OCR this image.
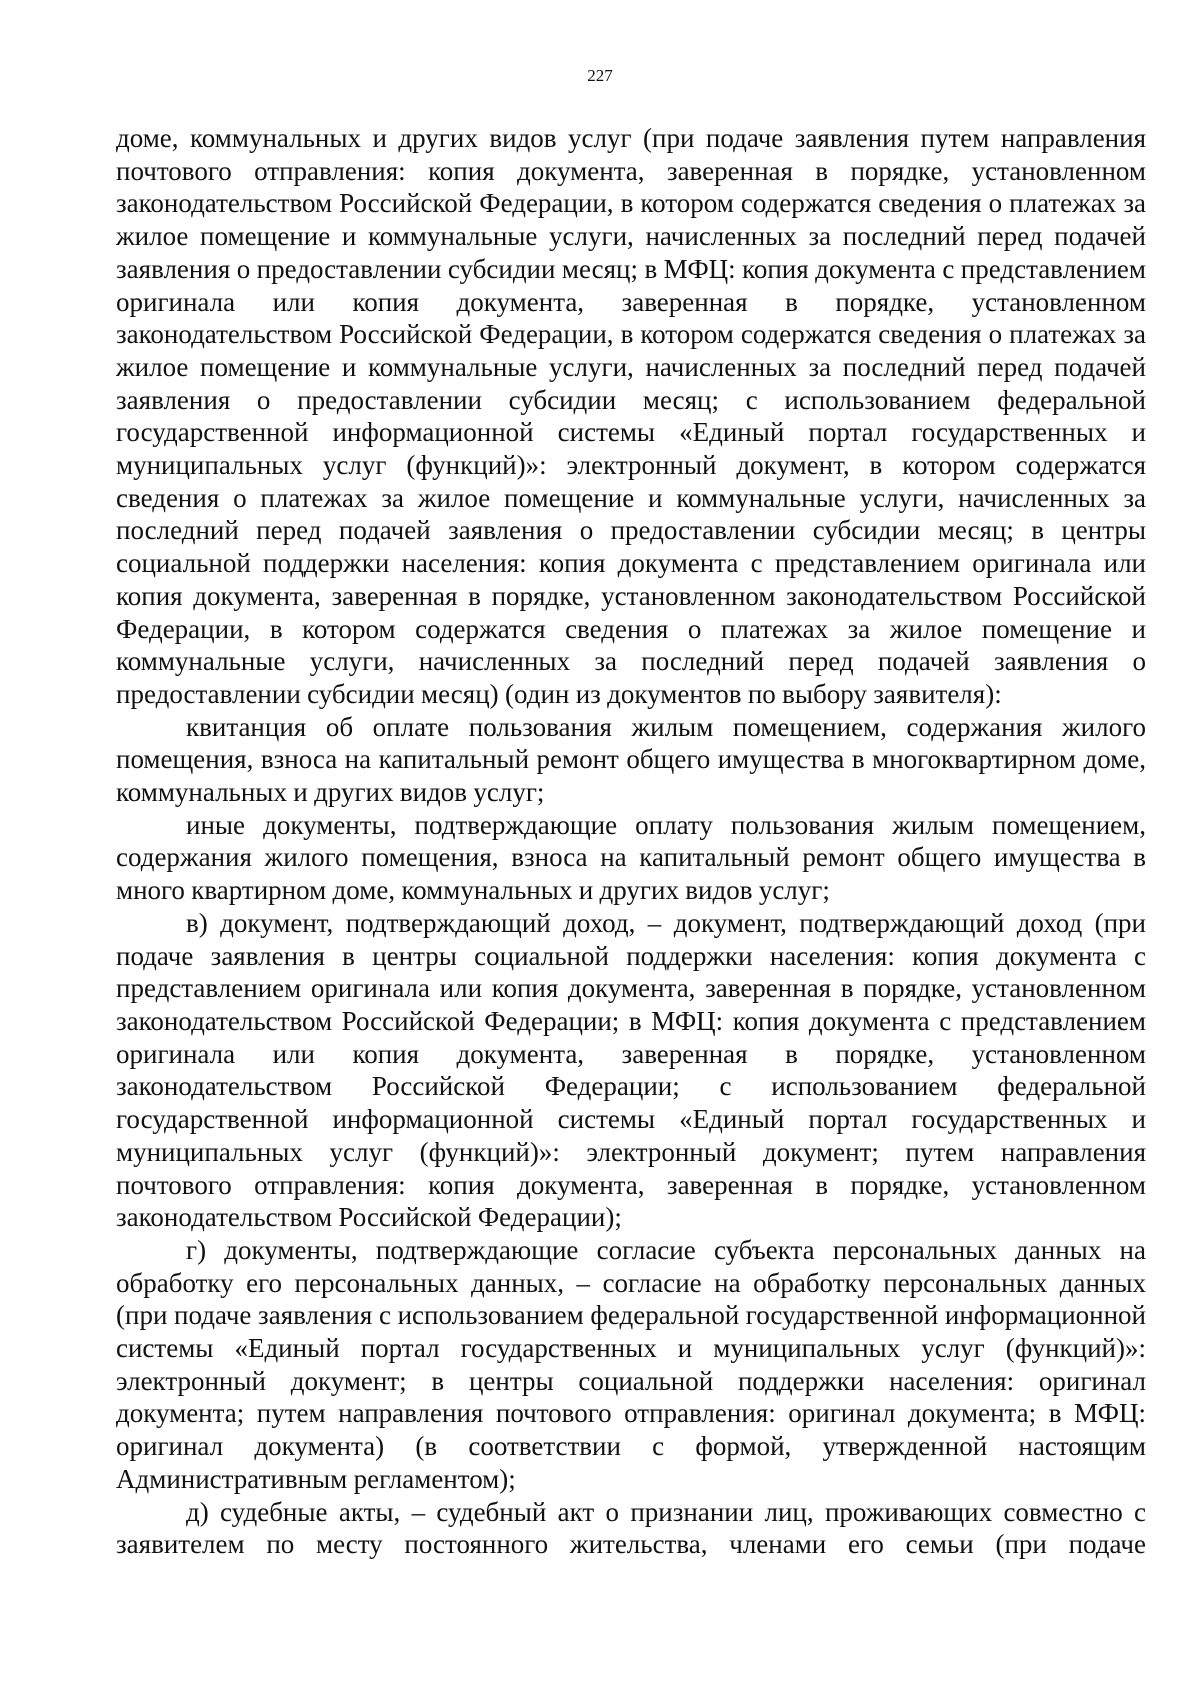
227

доме, коммунальных и других видов услуг (при подаче заявления путем направления почтового отправления: копия документа, заверенная в порядке, установленном законодательством Российской Федерации, в котором содержатся сведения о платежах за жилое помещение и коммунальные услуги, начисленных за последний перед подачей заявления о предоставлении субсидии месяц; в МФЦ: копия документа с представлением оригинала или копия документа, заверенная в порядке, установленном законодательством Российской Федерации, в котором содержатся сведения о платежах за жилое помещение и коммунальные услуги, начисленных за последний перед подачей заявления о предоставлении субсидии месяц; с использованием федеральной государственной информационной системы «Единый портал государственных и муниципальных услуг (функций)»: электронный документ, в котором содержатся сведения о платежах за жилое помещение и коммунальные услуги, начисленных за последний перед подачей заявления о предоставлении субсидии месяц; в центры социальной поддержки населения: копия документа с представлением оригинала или копия документа, заверенная в порядке, установленном законодательством Российской Федерации, в котором содержатся сведения о платежах за жилое помещение и коммунальные услуги, начисленных за последний перед подачей заявления о предоставлении субсидии месяц) (один из документов по выбору заявителя):

квитанция об оплате пользования жилым помещением, содержания жилого помещения, взноса на капитальный ремонт общего имущества в многоквартирном доме, коммунальных и других видов услуг;

иные документы, подтверждающие оплату пользования жилым помещением, содержания жилого помещения, взноса на капитальный ремонт общего имущества в много квартирном доме, коммунальных и других видов услуг;

в) документ, подтверждающий доход, – документ, подтверждающий доход (при подаче заявления в центры социальной поддержки населения: копия документа с представлением оригинала или копия документа, заверенная в порядке, установленном законодательством Российской Федерации; в МФЦ: копия документа с представлением оригинала или копия документа, заверенная в порядке, установленном законодательством Российской Федерации; с использованием федеральной государственной информационной системы «Единый портал государственных и муниципальных услуг (функций)»: электронный документ; путем направления почтового отправления: копия документа, заверенная в порядке, установленном законодательством Российской Федерации);

г) документы, подтверждающие согласие субъекта персональных данных на обработку его персональных данных, – согласие на обработку персональных данных (при подаче заявления с использованием федеральной государственной информационной системы «Единый портал государственных и муниципальных услуг (функций)»: электронный документ; в центры социальной поддержки населения: оригинал документа; путем направления почтового отправления: оригинал документа; в МФЦ: оригинал документа) (в соответствии с формой, утвержденной настоящим Административным регламентом);

д) судебные акты, – судебный акт о признании лиц, проживающих совместно с заявителем по месту постоянного жительства, членами его семьи (при подаче
